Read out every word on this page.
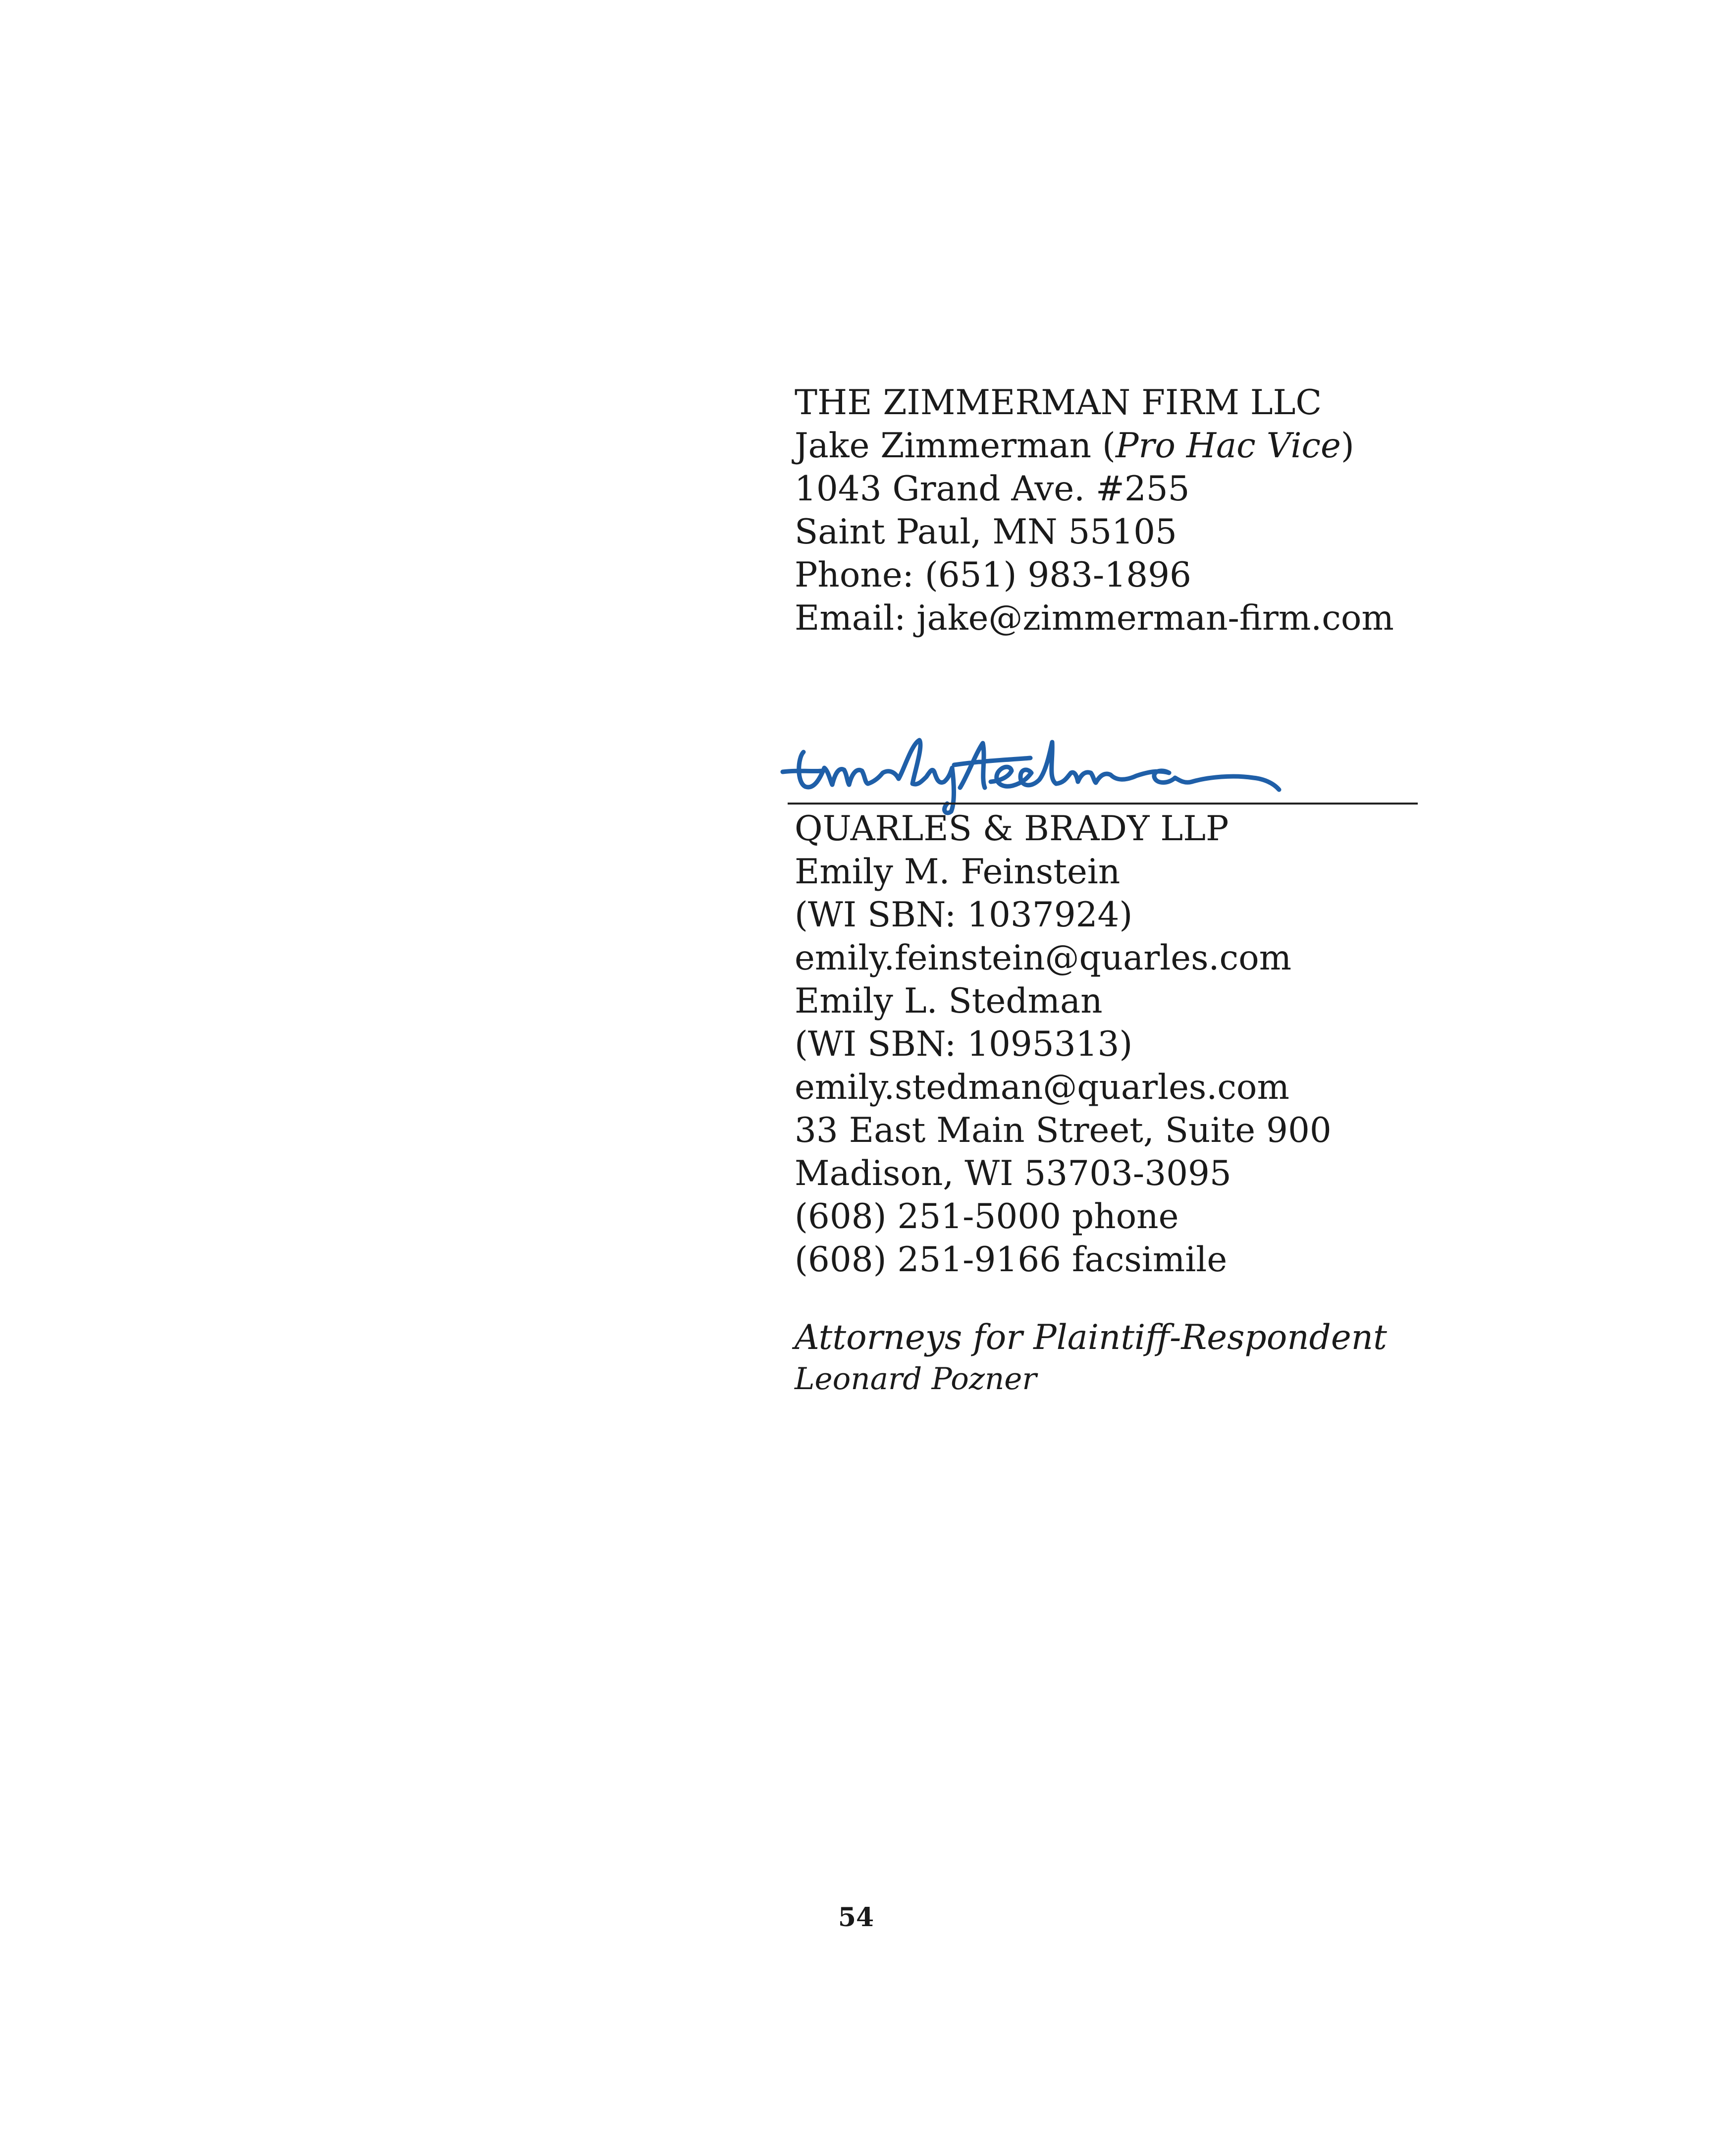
THE ZIMMERMAN FIRM LLC
Jake Zimmerman (Pro Hac Vice)
1043 Grand Ave. #255
Saint Paul, MN 55105
Phone: (651) 983-1896
Email: jake@zimmerman-firm.com
QUARLES & BRADY LLP
Emily M. Feinstein
(WI SBN: 1037924)
emily.feinstein@quarles.com
Emily L. Stedman
(WI SBN: 1095313)
emily.stedman@quarles.com
33 East Main Street, Suite 900
Madison, WI 53703-3095
(608) 251-5000 phone
(608) 251-9166 facsimile
Attorneys for Plaintiff-Respondent
Leonard Pozner
54
